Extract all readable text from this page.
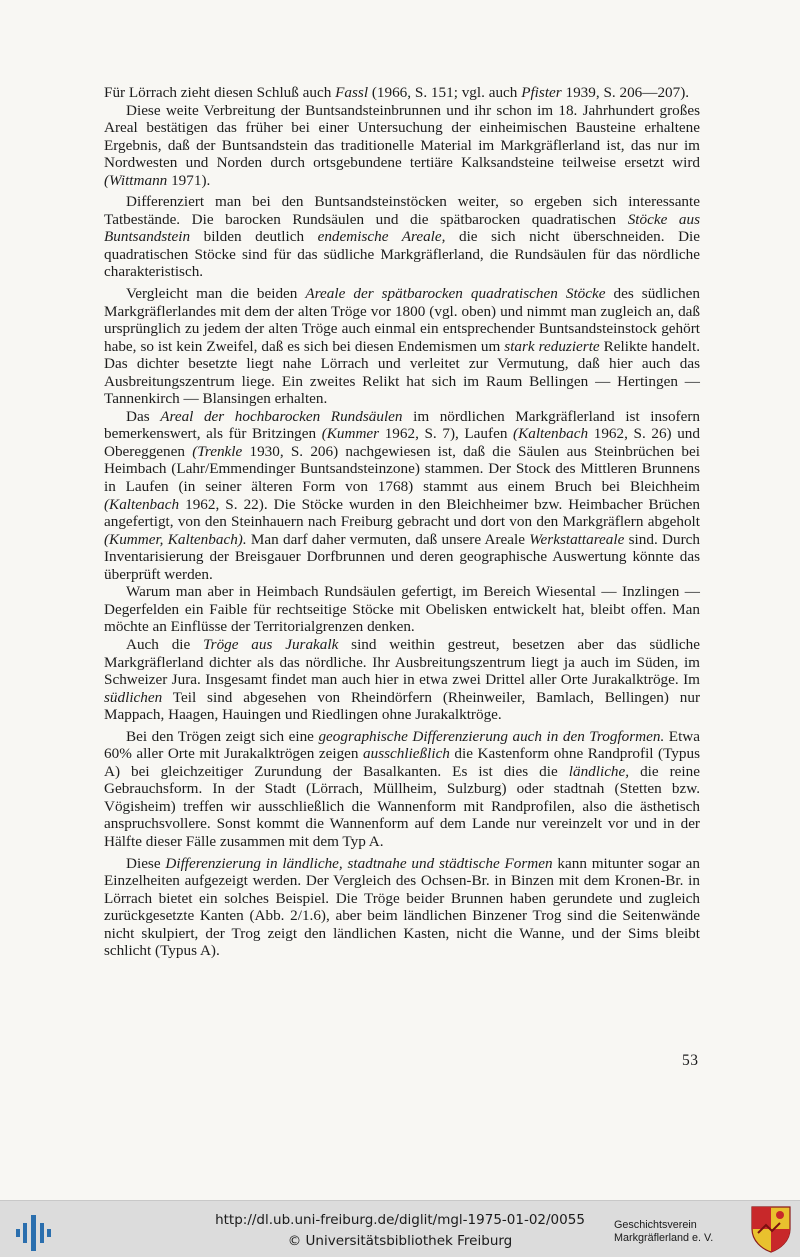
Für Lörrach zieht diesen Schluß auch Fassl (1966, S. 151; vgl. auch Pfister 1939, S. 206—207).

Diese weite Verbreitung der Buntsandsteinbrunnen und ihr schon im 18. Jahrhundert großes Areal bestätigen das früher bei einer Untersuchung der einheimischen Bausteine erhaltene Ergebnis, daß der Buntsandstein das traditionelle Material im Markgräflerland ist, das nur im Nordwesten und Norden durch ortsgebundene tertiäre Kalksandsteine teilweise ersetzt wird (Wittmann 1971).

Differenziert man bei den Buntsandsteinstöcken weiter, so ergeben sich interessante Tatbestände. Die barocken Rundsäulen und die spätbarocken quadratischen Stöcke aus Buntsandstein bilden deutlich endemische Areale, die sich nicht überschneiden. Die quadratischen Stöcke sind für das südliche Markgräflerland, die Rundsäulen für das nördliche charakteristisch.

Vergleicht man die beiden Areale der spätbarocken quadratischen Stöcke des südlichen Markgräflerlandes mit dem der alten Tröge vor 1800 (vgl. oben) und nimmt man zugleich an, daß ursprünglich zu jedem der alten Tröge auch einmal ein entsprechender Buntsandsteinstock gehört habe, so ist kein Zweifel, daß es sich bei diesen Endemismen um stark reduzierte Relikte handelt. Das dichter besetzte liegt nahe Lörrach und verleitet zur Vermutung, daß hier auch das Ausbreitungszentrum liege. Ein zweites Relikt hat sich im Raum Bellingen — Hertingen — Tannenkirch — Blansingen erhalten.

Das Areal der hochbarocken Rundsäulen im nördlichen Markgräflerland ist insofern bemerkenswert, als für Britzingen (Kummer 1962, S. 7), Laufen (Kaltenbach 1962, S. 26) und Obereggenen (Trenkle 1930, S. 206) nachgewiesen ist, daß die Säulen aus Steinbrüchen bei Heimbach (Lahr/Emmendinger Buntsandsteinzone) stammen. Der Stock des Mittleren Brunnens in Laufen (in seiner älteren Form von 1768) stammt aus einem Bruch bei Bleichheim (Kaltenbach 1962, S. 22). Die Stöcke wurden in den Bleichheimer bzw. Heimbacher Brüchen angefertigt, von den Steinhauern nach Freiburg gebracht und dort von den Markgräflern abgeholt (Kummer, Kaltenbach). Man darf daher vermuten, daß unsere Areale Werkstattareale sind. Durch Inventarisierung der Breisgauer Dorfbrunnen und deren geographische Auswertung könnte das überprüft werden.

Warum man aber in Heimbach Rundsäulen gefertigt, im Bereich Wiesental — Inzlingen — Degerfelden ein Faible für rechtseitige Stöcke mit Obelisken entwickelt hat, bleibt offen. Man möchte an Einflüsse der Territorialgrenzen denken.

Auch die Tröge aus Jurakalk sind weithin gestreut, besetzen aber das südliche Markgräflerland dichter als das nördliche. Ihr Ausbreitungszentrum liegt ja auch im Süden, im Schweizer Jura. Insgesamt findet man auch hier in etwa zwei Drittel aller Orte Jurakalktröge. Im südlichen Teil sind abgesehen von Rheindörfern (Rheinweiler, Bamlach, Bellingen) nur Mappach, Haagen, Hauingen und Riedlingen ohne Jurakalktröge.

Bei den Trögen zeigt sich eine geographische Differenzierung auch in den Trogformen. Etwa 60% aller Orte mit Jurakalktrögen zeigen ausschließlich die Kastenform ohne Randprofil (Typus A) bei gleichzeitiger Zurundung der Basalkanten. Es ist dies die ländliche, die reine Gebrauchsform. In der Stadt (Lörrach, Müllheim, Sulzburg) oder stadtnah (Stetten bzw. Vögisheim) treffen wir ausschließlich die Wannenform mit Randprofilen, also die ästhetisch anspruchsvollere. Sonst kommt die Wannenform auf dem Lande nur vereinzelt vor und in der Hälfte dieser Fälle zusammen mit dem Typ A.

Diese Differenzierung in ländliche, stadtnahe und städtische Formen kann mitunter sogar an Einzelheiten aufgezeigt werden. Der Vergleich des Ochsen-Br. in Binzen mit dem Kronen-Br. in Lörrach bietet ein solches Beispiel. Die Tröge beider Brunnen haben gerundete und zugleich zurückgesetzte Kanten (Abb. 2/1.6), aber beim ländlichen Binzener Trog sind die Seitenwände nicht skulpiert, der Trog zeigt den ländlichen Kasten, nicht die Wanne, und der Sims bleibt schlicht (Typus A).

53
http://dl.ub.uni-freiburg.de/diglit/mgl-1975-01-02/0055
© Universitätsbibliothek Freiburg
Geschichtsverein
Markgräflerland e. V.
